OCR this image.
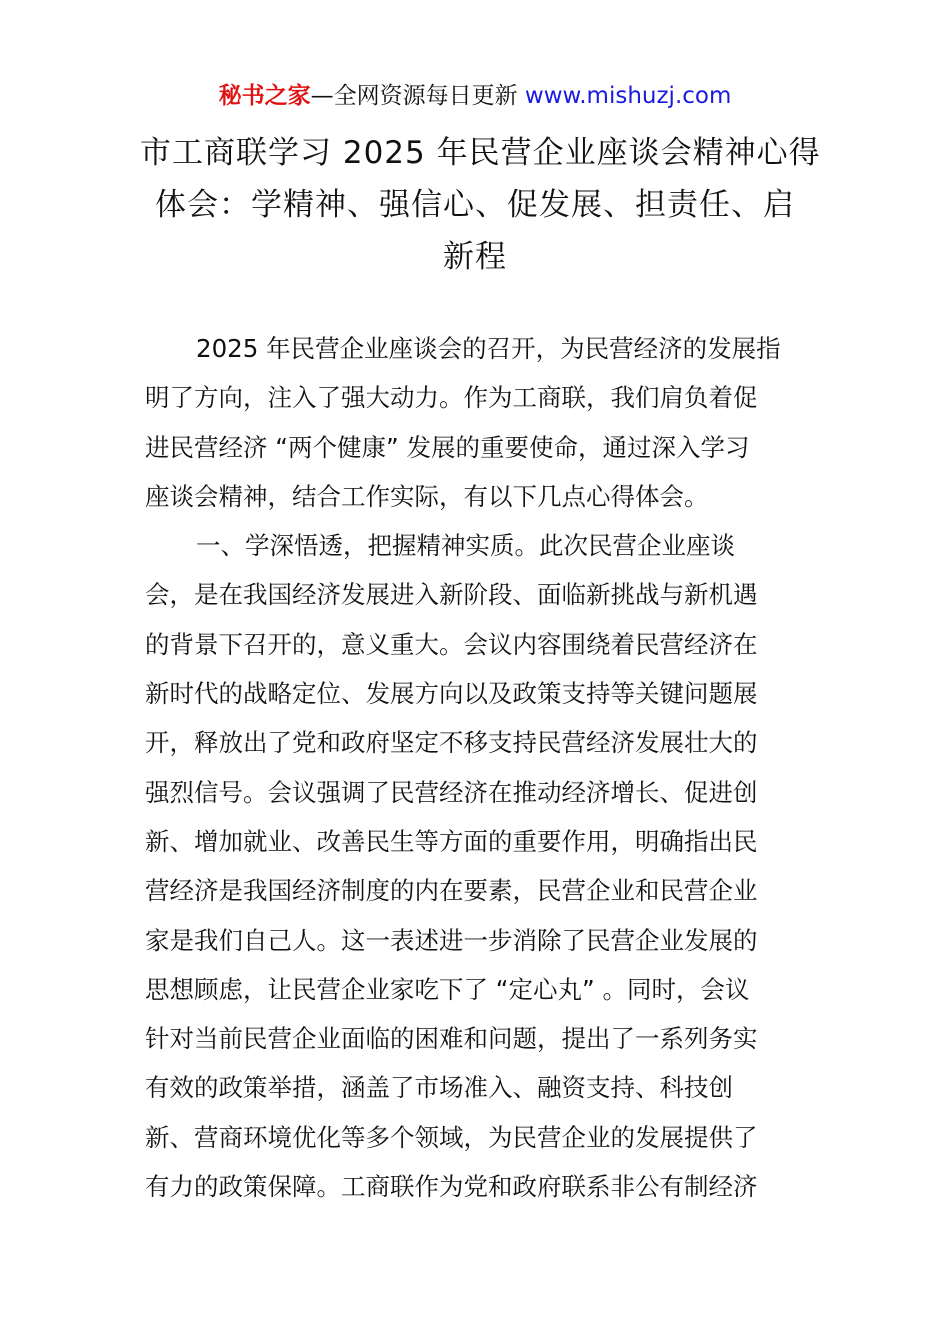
秘书之家—全网资源每日更新 www.mishuzj.com
市工商联学习 2025 年民营企业座谈会精神心得
体会：学精神、强信心、促发展、担责任、启
新程
2025 年民营企业座谈会的召开，为民营经济的发展指
明了方向，注入了强大动力。作为工商联，我们肩负着促
进民营经济 “两个健康” 发展的重要使命，通过深入学习
座谈会精神，结合工作实际，有以下几点心得体会。
一、学深悟透，把握精神实质。此次民营企业座谈
会，是在我国经济发展进入新阶段、面临新挑战与新机遇
的背景下召开的，意义重大。会议内容围绕着民营经济在
新时代的战略定位、发展方向以及政策支持等关键问题展
开，释放出了党和政府坚定不移支持民营经济发展壮大的
强烈信号。会议强调了民营经济在推动经济增长、促进创
新、增加就业、改善民生等方面的重要作用，明确指出民
营经济是我国经济制度的内在要素，民营企业和民营企业
家是我们自己人。这一表述进一步消除了民营企业发展的
思想顾虑，让民营企业家吃下了 “定心丸” 。同时，会议
针对当前民营企业面临的困难和问题，提出了一系列务实
有效的政策举措，涵盖了市场准入、融资支持、科技创
新、营商环境优化等多个领域，为民营企业的发展提供了
有力的政策保障。工商联作为党和政府联系非公有制经济
